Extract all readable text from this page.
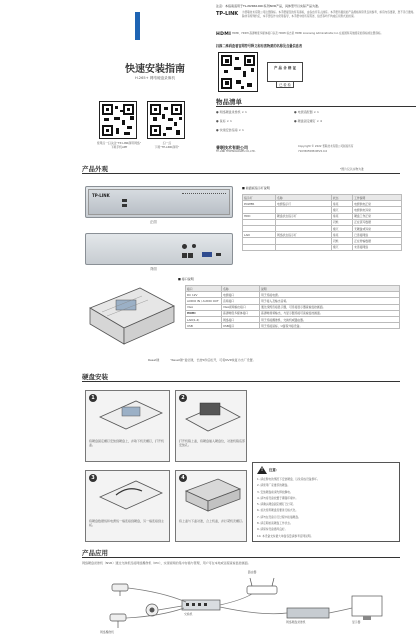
快速安装指南
H.265+ 网络硬盘录像机
使用扫一扫关注“TP-LINK商用网络”
下载手机APP
扫一扫
下载“TP-LINK商用”
注意：本指南适用于TL-NVR6100C系列NVR产品，具体型号以实际产品为准。
TP-LINK 为普联技术有限公司注册商标。本手册提及的所有商标，由各自所有人拥有。本手册所提到的产品规格和资讯仅供参考，如有内容更新，恕不另行通知。除非有特殊约定，本手册仅作为使用指导，本手册中的所有陈述、信息等均不构成任何形式的担保。
HDMI HDMI、HDMI 高清晰度多媒体接口以及 HDMI 标志是 HDMI Licensing Administrator,Inc.在美国和其他国家的商标或注册商标。
扫描二维码查看官网符号释义和有害物质的名称及含量信息表
产 品 合 格 证
已 检 验
物品清单
● 网络硬盘录像机 × 1	● 电源适配器 × 1
● 鼠标 × 1	● 硬盘固定螺钉 × 4
● 快速安装指南 × 1
普联技术有限公司
TP-LINK TECHNOLOGIES CO.,LTD.
Copyright © 2022 普联技术有限公司版权所有
7103505588 REV2.0.0
产品外观	*图片仅以实物为准
TP-LINK
正面
背面
Reset键	“Reset键”复位键，长按5秒后松开，可将NVR恢复为出厂设置。
■ 前面板指示灯说明
指示灯	名称	状态	工作说明
POWER	电源指示灯	常亮	电源供电正常
		熄灭	电源供电异常
HDD	硬盘状态指示灯	常亮	硬盘工作正常
		闪烁	正在读写数据
		熄灭	无硬盘或异常
LAN	网络状态指示灯	常亮	已连接网络
		闪烁	正在传输数据
		熄灭	未连接网络
■ 接口说明
接口	名称	说明
DC 12V	电源接口	用于连接电源。
AUDIO IN / AUDIO OUT	音频接口	用于接入及输出音频。
VGA	VGA视频输出接口	通过线缆连接显示器，可连接显示器查看监控画面。
HDMI	高清晰度多媒体接口	高清晰视频输出，与显示器连接可查看监控画面。
LAN(1-4)	网络接口	用于连接摄像机、交换机或路由器。
USB	USB接口	用于连接鼠标、U盘等外接设备。
硬盘安装
1
将硬盘固定螺钉安装到硬盘上，并取下机壳螺钉，打开机盖。
2
打开机箱上盖，将硬盘插入硬盘位，对准机箱底部安装孔。
3
将硬盘数据线和电源线一端连接到硬盘，另一端连接到主板。
4
将上盖与下盖对准，合上机盖，并拧紧机壳螺钉。
! 注意：
1. 请在断电的情况下安装硬盘，以免造成设备损坏。
2. 请使用厂家推荐的硬盘。
3. 安装硬盘前请先释放静电。
4. 请勿将设备放置于潮湿环境中。
5. 请确认硬盘固定螺钉已拧紧。
6. 首次使用硬盘需要进行格式化。
7. 请勿在设备运行过程中拔插硬盘。
8. 请定期检查硬盘工作状态。
9. 请保持设备通风良好。
10. 本设备支持最大单盘容量请参考官网说明。
产品应用
网络硬盘录像机（NVR）通过交换机连接网络摄像机（IPC），实现视频的集中存储与管理，用户可在本地或远程查看监控画面。
路由器
交换机
网络硬盘录像机
网络摄像机
显示器
